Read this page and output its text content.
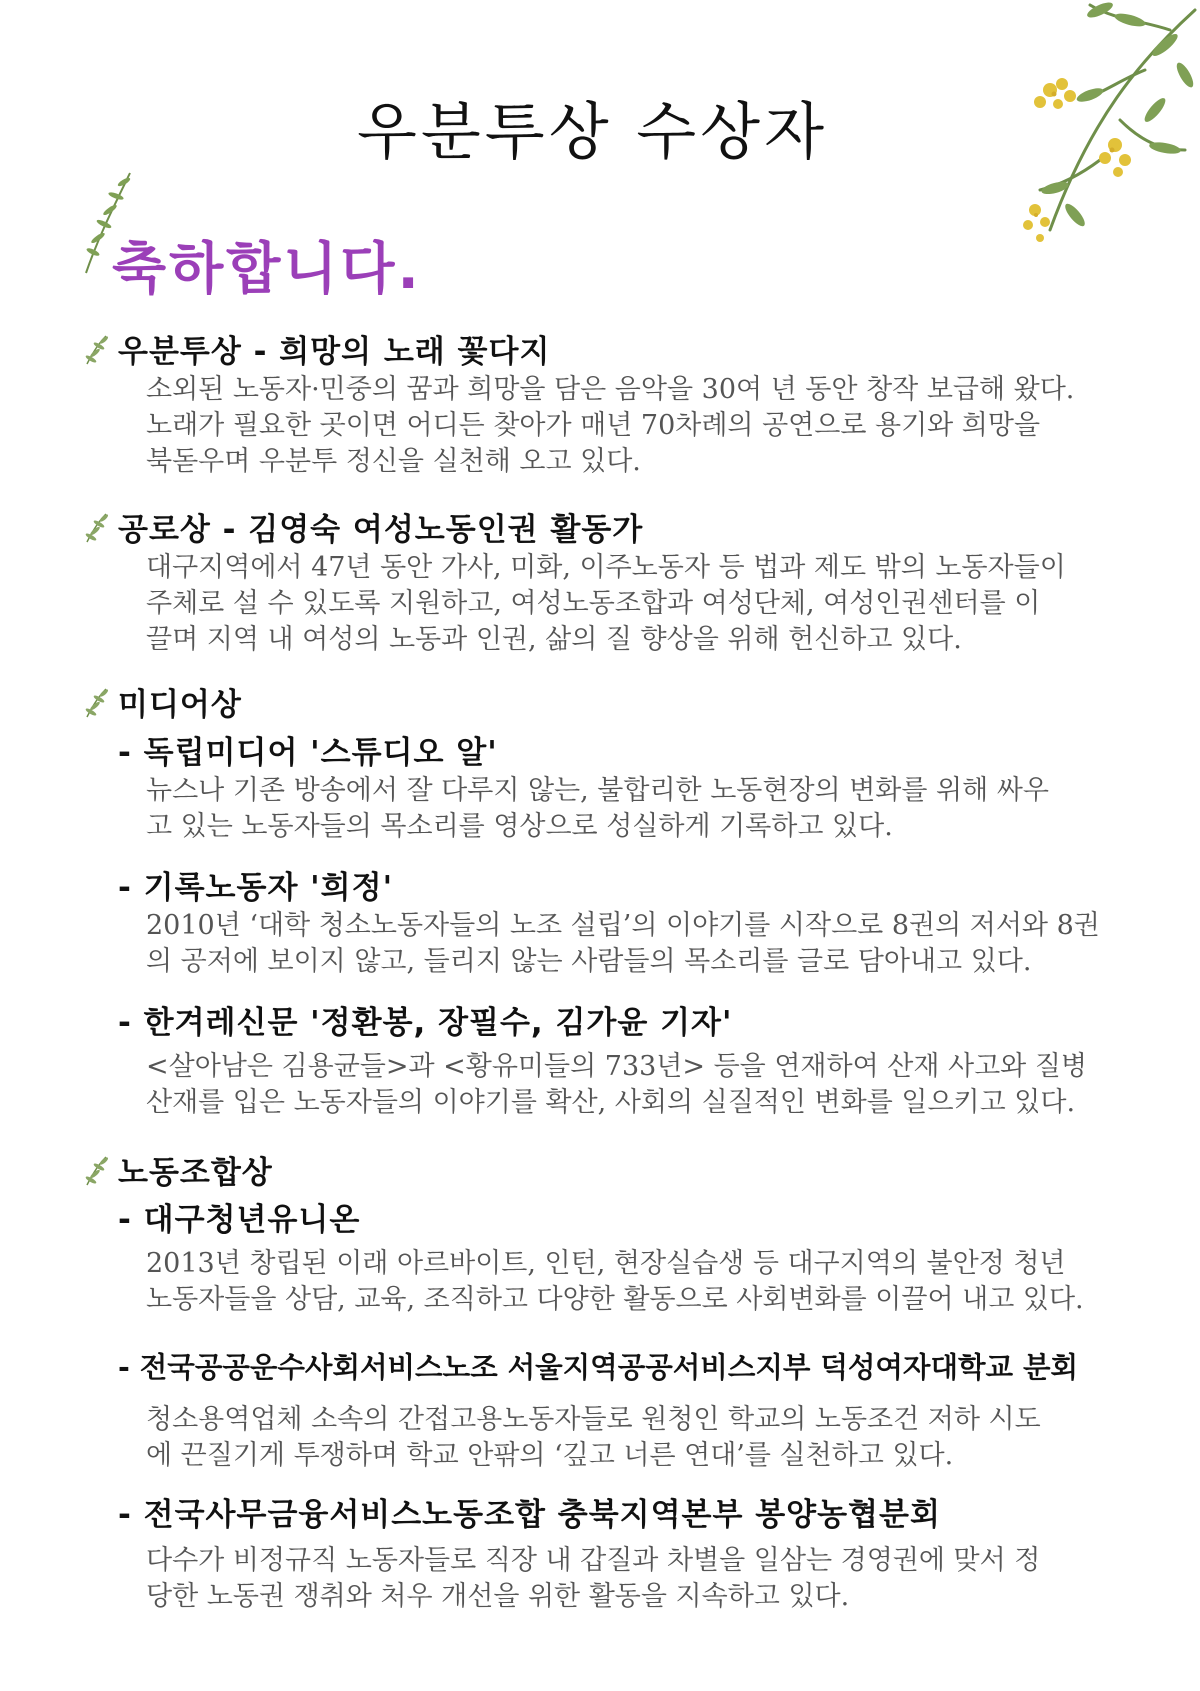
우분투상 수상자
축하합니다.

우분투상 - 희망의 노래 꽃다지

소외된 노동자·민중의 꿈과 희망을 담은 음악을 30여 년 동안 창작 보급해 왔다.

노래가 필요한 곳이면 어디든 찾아가 매년 70차례의 공연으로 용기와 희망을

북돋우며 우분투 정신을 실천해 오고 있다.

공로상 - 김영숙 여성노동인권 활동가

대구지역에서 47년 동안 가사, 미화, 이주노동자 등 법과 제도 밖의 노동자들이

주체로 설 수 있도록 지원하고, 여성노동조합과 여성단체, 여성인권센터를 이

끌며 지역 내 여성의 노동과 인권, 삶의 질 향상을 위해 헌신하고 있다.

미디어상

- 독립미디어 '스튜디오 알'

뉴스나 기존 방송에서 잘 다루지 않는, 불합리한 노동현장의 변화를 위해 싸우

고 있는 노동자들의 목소리를 영상으로 성실하게 기록하고 있다.

- 기록노동자 '희정'

2010년 ‘대학 청소노동자들의 노조 설립’의 이야기를 시작으로 8권의 저서와 8권

의 공저에 보이지 않고, 들리지 않는 사람들의 목소리를 글로 담아내고 있다.

- 한겨레신문 '정환봉, 장필수, 김가윤 기자'

<살아남은 김용균들>과 <황유미들의 733년> 등을 연재하여 산재 사고와 질병

산재를 입은 노동자들의 이야기를 확산, 사회의 실질적인 변화를 일으키고 있다.

노동조합상

- 대구청년유니온

2013년 창립된 이래 아르바이트, 인턴, 현장실습생 등 대구지역의 불안정 청년

노동자들을 상담, 교육, 조직하고 다양한 활동으로 사회변화를 이끌어 내고 있다.

- 전국공공운수사회서비스노조 서울지역공공서비스지부 덕성여자대학교 분회

청소용역업체 소속의 간접고용노동자들로 원청인 학교의 노동조건 저하 시도

에 끈질기게 투쟁하며 학교 안팎의 ‘깊고 너른 연대’를 실천하고 있다.

- 전국사무금융서비스노동조합 충북지역본부 봉양농협분회

다수가 비정규직 노동자들로 직장 내 갑질과 차별을 일삼는 경영권에 맞서 정

당한 노동권 쟁취와 처우 개선을 위한 활동을 지속하고 있다.
